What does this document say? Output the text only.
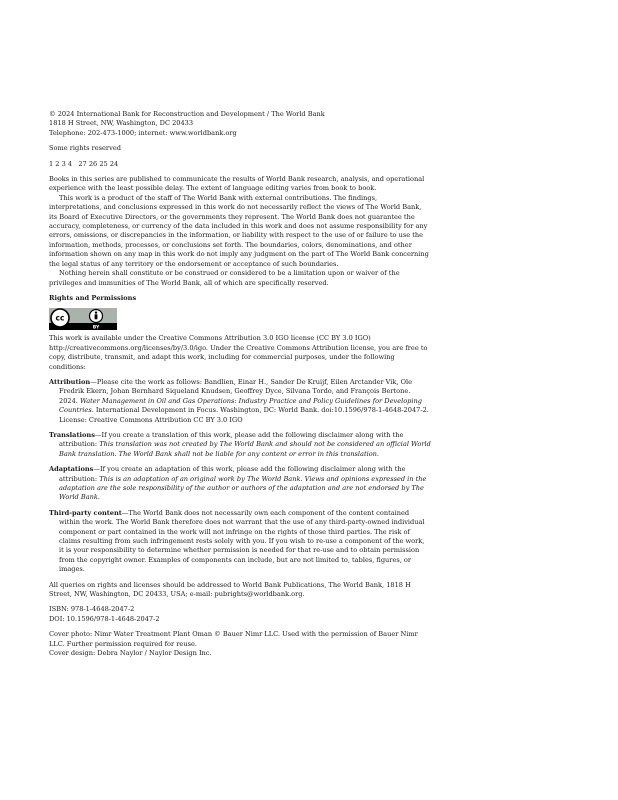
© 2024 International Bank for Reconstruction and Development / The World Bank

1818 H Street, NW, Washington, DC 20433

Telephone: 202-473-1000; internet: www.worldbank.org

Some rights reserved

1 2 3 4   27 26 25 24

Books in this series are published to communicate the results of World Bank research, analysis, and operational experience with the least possible delay. The extent of language editing varies from book to book.

This work is a product of the staff of The World Bank with external contributions. The findings, interpretations, and conclusions expressed in this work do not necessarily reflect the views of The World Bank, its Board of Executive Directors, or the governments they represent. The World Bank does not guarantee the accuracy, completeness, or currency of the data included in this work and does not assume responsibility for any errors, omissions, or discrepancies in the information, or liability with respect to the use of or failure to use the information, methods, processes, or conclusions set forth. The boundaries, colors, denominations, and other information shown on any map in this work do not imply any judgment on the part of The World Bank concerning the legal status of any territory or the endorsement or acceptance of such boundaries.

Nothing herein shall constitute or be construed or considered to be a limitation upon or waiver of the privileges and immunities of The World Bank, all of which are specifically reserved.

Rights and Permissions

cc
BY

This work is available under the Creative Commons Attribution 3.0 IGO license (CC BY 3.0 IGO) http://creativecommons.org/licenses/by/3.0/igo. Under the Creative Commons Attribution license, you are free to copy, distribute, transmit, and adapt this work, including for commercial purposes, under the following conditions:

Attribution—Please cite the work as follows: Bandlien, Einar H., Sander De Kruijf, Eilen Arctander Vik, Ole Fredrik Ekern, Johan Bernhard Siqueland Knudsen, Geoffrey Dyce, Silvana Tordo, and François Bertone. 2024. Water Management in Oil and Gas Operations: Industry Practice and Policy Guidelines for Developing Countries. International Development in Focus. Washington, DC: World Bank. doi:10.1596/978-1-4648-2047-2. License: Creative Commons Attribution CC BY 3.0 IGO

Translations—If you create a translation of this work, please add the following disclaimer along with the attribution: This translation was not created by The World Bank and should not be considered an official World Bank translation. The World Bank shall not be liable for any content or error in this translation.

Adaptations—If you create an adaptation of this work, please add the following disclaimer along with the attribution: This is an adaptation of an original work by The World Bank. Views and opinions expressed in the adaptation are the sole responsibility of the author or authors of the adaptation and are not endorsed by The World Bank.

Third-party content—The World Bank does not necessarily own each component of the content contained within the work. The World Bank therefore does not warrant that the use of any third-party-owned individual component or part contained in the work will not infringe on the rights of those third parties. The risk of claims resulting from such infringement rests solely with you. If you wish to re-use a component of the work, it is your responsibility to determine whether permission is needed for that re-use and to obtain permission from the copyright owner. Examples of components can include, but are not limited to, tables, figures, or images.

All queries on rights and licenses should be addressed to World Bank Publications, The World Bank, 1818 H Street, NW, Washington, DC 20433, USA; e-mail: pubrights@worldbank.org.

ISBN: 978-1-4648-2047-2

DOI: 10.1596/978-1-4648-2047-2

Cover photo: Nimr Water Treatment Plant Oman © Bauer Nimr LLC. Used with the permission of Bauer Nimr LLC. Further permission required for reuse.

Cover design: Debra Naylor / Naylor Design Inc.
